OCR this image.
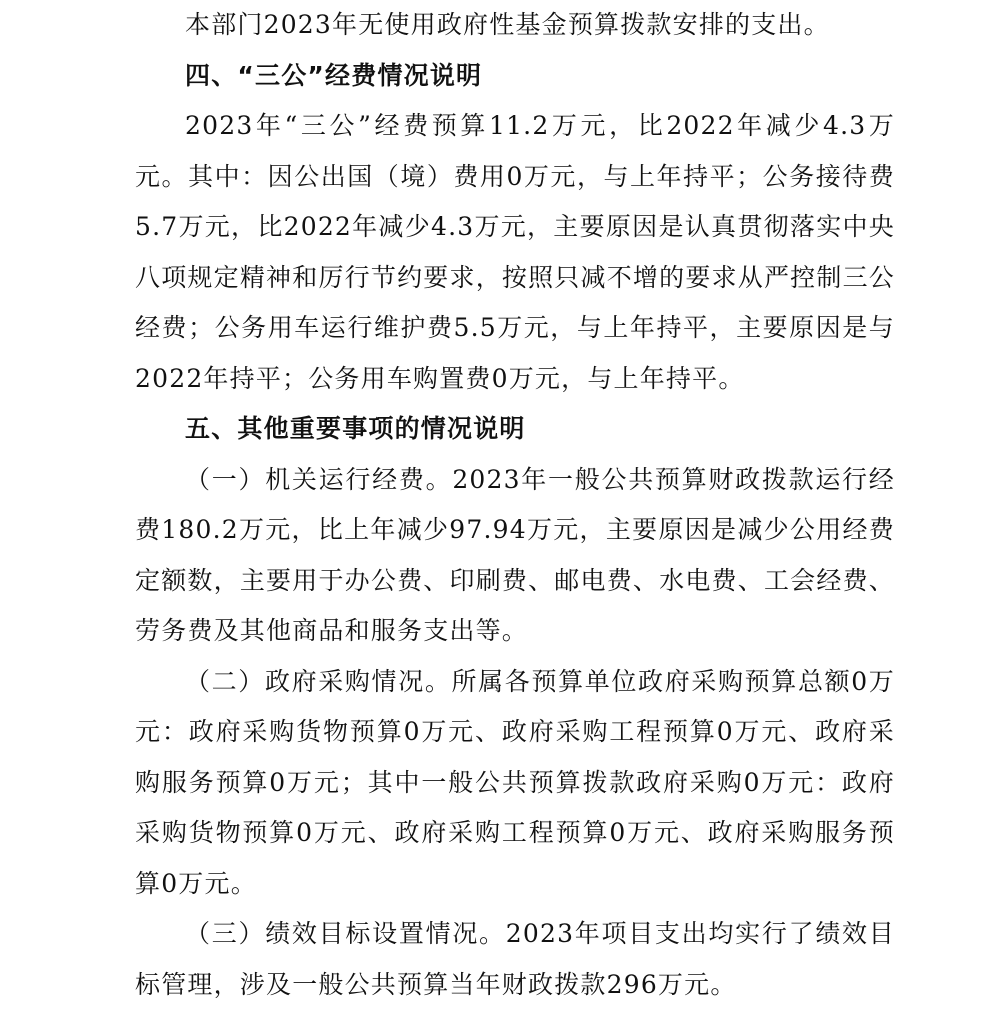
本部门2023年无使用政府性基金预算拨款安排的支出。

四、“三公”经费情况说明

2023年“三公”经费预算11.2万元，比2022年减少4.3万元。其中：因公出国（境）费用0万元，与上年持平；公务接待费5.7万元，比2022年减少4.3万元，主要原因是认真贯彻落实中央八项规定精神和厉行节约要求，按照只减不增的要求从严控制三公经费；公务用车运行维护费5.5万元，与上年持平，主要原因是与2022年持平；公务用车购置费0万元，与上年持平。

五、其他重要事项的情况说明

（一）机关运行经费。2023年一般公共预算财政拨款运行经费180.2万元，比上年减少97.94万元，主要原因是减少公用经费定额数，主要用于办公费、印刷费、邮电费、水电费、工会经费、劳务费及其他商品和服务支出等。

（二）政府采购情况。所属各预算单位政府采购预算总额0万元：政府采购货物预算0万元、政府采购工程预算0万元、政府采购服务预算0万元；其中一般公共预算拨款政府采购0万元：政府采购货物预算0万元、政府采购工程预算0万元、政府采购服务预算0万元。

（三）绩效目标设置情况。2023年项目支出均实行了绩效目标管理，涉及一般公共预算当年财政拨款296万元。
